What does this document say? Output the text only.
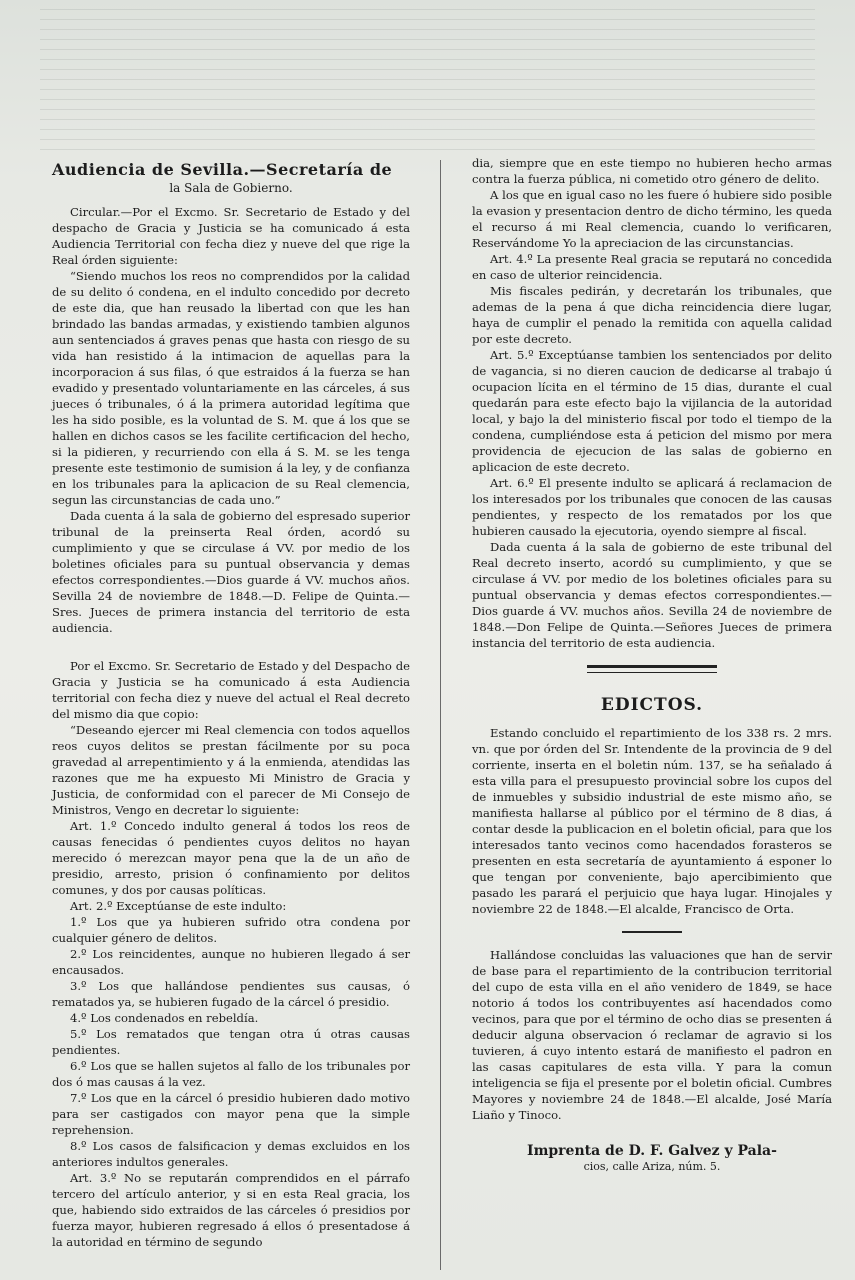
Audiencia de Sevilla.—Secretaría de
la Sala de Gobierno.

Circular.—Por el Excmo. Sr. Secretario de Estado y del despacho de Gracia y Justicia se ha comunicado á esta Audiencia Territorial con fecha diez y nueve del que rige la Real órden siguiente:

“Siendo muchos los reos no comprendidos por la calidad de su delito ó condena, en el indulto concedido por decreto de este dia, que han reusado la libertad con que les han brindado las bandas armadas, y existiendo tambien algunos aun sentenciados á graves penas que hasta con riesgo de su vida han resistido á la intimacion de aquellas para la incorporacion á sus filas, ó que estraidos á la fuerza se han evadido y presentado voluntariamente en las cárceles, á sus jueces ó tribunales, ó á la primera autoridad legítima que les ha sido posible, es la voluntad de S. M. que á los que se hallen en dichos casos se les facilite certificacion del hecho, si la pidieren, y recurriendo con ella á S. M. se les tenga presente este testimonio de sumision á la ley, y de confianza en los tribunales para la aplicacion de su Real clemencia, segun las circunstancias de cada uno.”

Dada cuenta á la sala de gobierno del espresado superior tribunal de la preinserta Real órden, acordó su cumplimiento y que se circulase á VV. por medio de los boletines oficiales para su puntual observancia y demas efectos correspondientes.—Dios guarde á VV. muchos años. Sevilla 24 de noviembre de 1848.—D. Felipe de Quinta.—Sres. Jueces de primera instancia del territorio de esta audiencia.

Por el Excmo. Sr. Secretario de Estado y del Despacho de Gracia y Justicia se ha comunicado á esta Audiencia territorial con fecha diez y nueve del actual el Real decreto del mismo dia que copio:

“Deseando ejercer mi Real clemencia con todos aquellos reos cuyos delitos se prestan fácilmente por su poca gravedad al arrepentimiento y á la enmienda, atendidas las razones que me ha expuesto Mi Ministro de Gracia y Justicia, de conformidad con el parecer de Mi Consejo de Ministros, Vengo en decretar lo siguiente:

Art. 1.º Concedo indulto general á todos los reos de causas fenecidas ó pendientes cuyos delitos no hayan merecido ó merezcan mayor pena que la de un año de presidio, arresto, prision ó confinamiento por delitos comunes, y dos por causas políticas.

Art. 2.º Exceptúanse de este indulto:

1.º Los que ya hubieren sufrido otra condena por cualquier género de delitos.

2.º Los reincidentes, aunque no hubieren llegado á ser encausados.

3.º Los que hallándose pendientes sus causas, ó rematados ya, se hubieren fugado de la cárcel ó presidio.

4.º Los condenados en rebeldía.

5.º Los rematados que tengan otra ú otras causas pendientes.

6.º Los que se hallen sujetos al fallo de los tribunales por dos ó mas causas á la vez.

7.º Los que en la cárcel ó presidio hubieren dado motivo para ser castigados con mayor pena que la simple reprehension.

8.º Los casos de falsificacion y demas excluidos en los anteriores indultos generales.

Art. 3.º No se reputarán comprendidos en el párrafo tercero del artículo anterior, y si en esta Real gracia, los que, habiendo sido extraidos de las cárceles ó presidios por fuerza mayor, hubieren regresado á ellos ó presentadose á la autoridad en término de segundo

dia, siempre que en este tiempo no hubieren hecho armas contra la fuerza pública, ni cometido otro género de delito.

A los que en igual caso no les fuere ó hubiere sido posible la evasion y presentacion dentro de dicho término, les queda el recurso á mi Real clemencia, cuando lo verificaren, Reservándome Yo la apreciacion de las circunstancias.

Art. 4.º La presente Real gracia se reputará no concedida en caso de ulterior reincidencia.

Mis fiscales pedirán, y decretarán los tribunales, que ademas de la pena á que dicha reincidencia diere lugar, haya de cumplir el penado la remitida con aquella calidad por este decreto.

Art. 5.º Exceptúanse tambien los sentenciados por delito de vagancia, si no dieren caucion de dedicarse al trabajo ú ocupacion lícita en el término de 15 dias, durante el cual quedarán para este efecto bajo la vijilancia de la autoridad local, y bajo la del ministerio fiscal por todo el tiempo de la condena, cumpliéndose esta á peticion del mismo por mera providencia de ejecucion de las salas de gobierno en aplicacion de este decreto.

Art. 6.º El presente indulto se aplicará á reclamacion de los interesados por los tribunales que conocen de las causas pendientes, y respecto de los rematados por los que hubieren causado la ejecutoria, oyendo siempre al fiscal.

Dada cuenta á la sala de gobierno de este tribunal del Real decreto inserto, acordó su cumplimiento, y que se circulase á VV. por medio de los boletines oficiales para su puntual observancia y demas efectos correspondientes.—Dios guarde á VV. muchos años. Sevilla 24 de noviembre de 1848.—Don Felipe de Quinta.—Señores Jueces de primera instancia del territorio de esta audiencia.

EDICTOS.

Estando concluido el repartimiento de los 338 rs. 2 mrs. vn. que por órden del Sr. Intendente de la provincia de 9 del corriente, inserta en el boletin núm. 137, se ha señalado á esta villa para el presupuesto provincial sobre los cupos del de inmuebles y subsidio industrial de este mismo año, se manifiesta hallarse al público por el término de 8 dias, á contar desde la publicacion en el boletin oficial, para que los interesados tanto vecinos como hacendados forasteros se presenten en esta secretaría de ayuntamiento á esponer lo que tengan por conveniente, bajo apercibimiento que pasado les parará el perjuicio que haya lugar. Hinojales y noviembre 22 de 1848.—El alcalde, Francisco de Orta.

Hallándose concluidas las valuaciones que han de servir de base para el repartimiento de la contribucion territorial del cupo de esta villa en el año venidero de 1849, se hace notorio á todos los contribuyentes así hacendados como vecinos, para que por el término de ocho dias se presenten á deducir alguna observacion ó reclamar de agravio si los tuvieren, á cuyo intento estará de manifiesto el padron en las casas capitulares de esta villa. Y para la comun inteligencia se fija el presente por el boletin oficial. Cumbres Mayores y noviembre 24 de 1848.—El alcalde, José María Liaño y Tinoco.

Imprenta de D. F. Galvez y Pala-
cios, calle Ariza, núm. 5.
